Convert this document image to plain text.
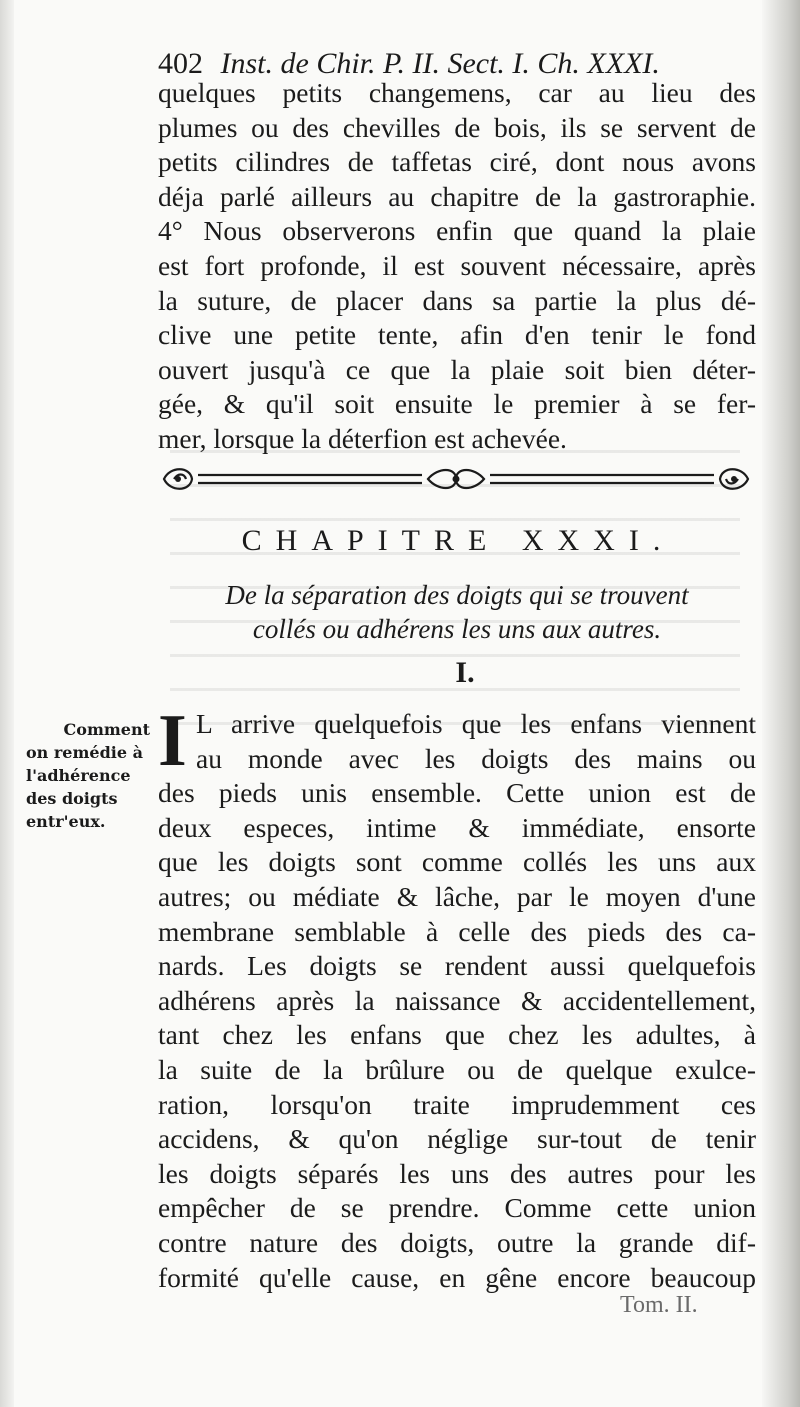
402 Inst. de Chir. P. II. Sect. I. Ch. XXXI.
quelques petits changemens, car au lieu des
plumes ou des chevilles de bois, ils se servent de
petits cilindres de taffetas ciré, dont nous avons
déja parlé ailleurs au chapitre de la gastroraphie.
4° Nous observerons enfin que quand la plaie
est fort profonde, il est souvent nécessaire, après
la suture, de placer dans sa partie la plus dé-
clive une petite tente, afin d'en tenir le fond
ouvert jusqu'à ce que la plaie soit bien déter-
gée, & qu'il soit ensuite le premier à se fer-
mer, lorsque la déterfion est achevée.
CHAPITRE XXXI.
De la séparation des doigts qui se trouvent
collés ou adhérens les uns aux autres.
I.
Comment
on remédie à
l'adhérence
des doigts
entr'eux.
I L arrive quelquefois que les enfans viennent
au monde avec les doigts des mains ou
des pieds unis ensemble. Cette union est de
deux especes, intime & immédiate, ensorte
que les doigts sont comme collés les uns aux
autres; ou médiate & lâche, par le moyen d'une
membrane semblable à celle des pieds des ca-
nards. Les doigts se rendent aussi quelquefois
adhérens après la naissance & accidentellement,
tant chez les enfans que chez les adultes, à
la suite de la brûlure ou de quelque exulce-
ration, lorsqu'on traite imprudemment ces
accidens, & qu'on néglige sur-tout de tenir
les doigts séparés les uns des autres pour les
empêcher de se prendre. Comme cette union
contre nature des doigts, outre la grande dif-
formité qu'elle cause, en gêne encore beaucoup
Tom. II.
